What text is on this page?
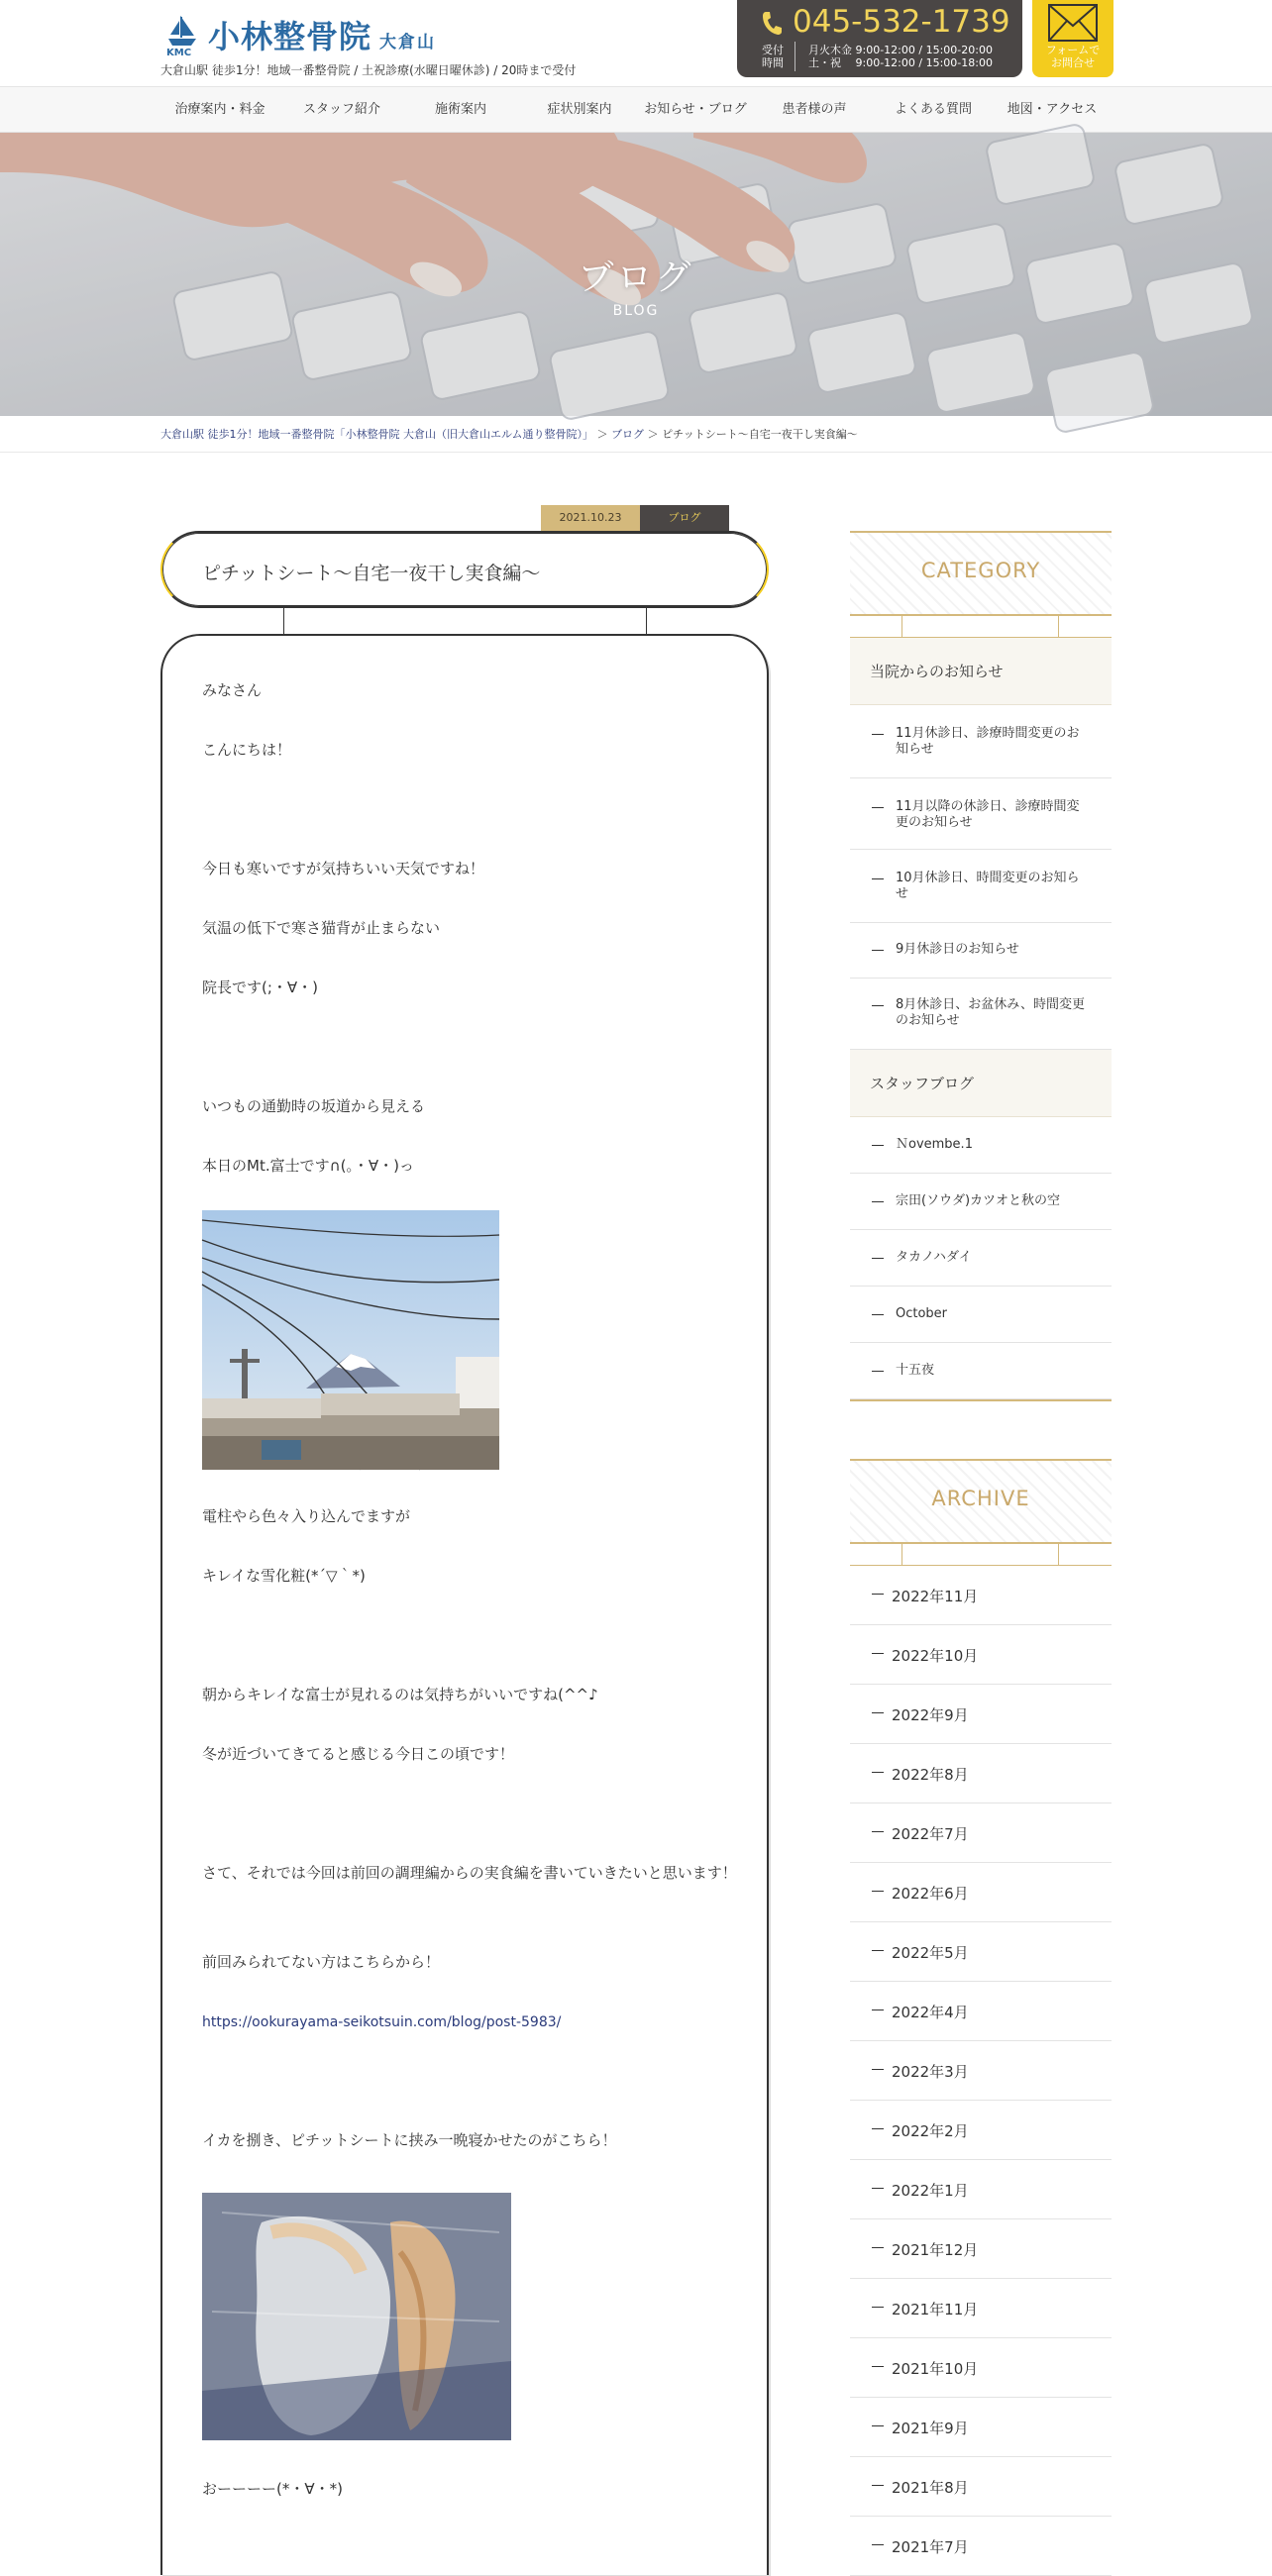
KMC 小林整骨院 大倉山
大倉山駅 徒歩1分！地域一番整骨院 / 土祝診療(水曜日曜休診) / 20時まで受付
045-532-1739
受付
時間
月火木金 9:00-12:00 / 15:00-20:00
土・祝　 9:00-12:00 / 15:00-18:00
フォームで
お問合せ
治療案内・料金	スタッフ紹介	施術案内	症状別案内	お知らせ・ブログ	患者様の声	よくある質問	地図・アクセス
ブログ
BLOG
大倉山駅 徒歩1分！地域一番整骨院「小林整骨院 大倉山（旧大倉山エルム通り整骨院）」 ＞ ブログ ＞ ピチットシート～自宅一夜干し実食編～
2021.10.23	ブログ
ピチットシート～自宅一夜干し実食編～
みなさん
こんにちは！
今日も寒いですが気持ちいい天気ですね！
気温の低下で寒さ猫背が止まらない
院長です(;・∀・)
いつもの通勤時の坂道から見える
本日のMt.富士です∩(。・∀・)っ
電柱やら色々入り込んでますが
キレイな雪化粧(*´▽｀*)
朝からキレイな富士が見れるのは気持ちがいいですね(^^♪
冬が近づいてきてると感じる今日この頃です！
さて、それでは今回は前回の調理編からの実食編を書いていきたいと思います！
前回みられてない方はこちらから！
https://ookurayama-seikotsuin.com/blog/post-5983/
イカを捌き、ピチットシートに挟み一晩寝かせたのがこちら！
おーーーー(*・∀・*)
CATEGORY
当院からのお知らせ
11月休診日、診療時間変更のお知らせ
11月以降の休診日、診療時間変更のお知らせ
10月休診日、時間変更のお知らせ
9月休診日のお知らせ
8月休診日、お盆休み、時間変更のお知らせ
スタッフブログ
Ｎovembe.1
宗田(ソウダ)カツオと秋の空
タカノハダイ
October
十五夜
ARCHIVE
2022年11月
2022年10月
2022年9月
2022年8月
2022年7月
2022年6月
2022年5月
2022年4月
2022年3月
2022年2月
2022年1月
2021年12月
2021年11月
2021年10月
2021年9月
2021年8月
2021年7月
